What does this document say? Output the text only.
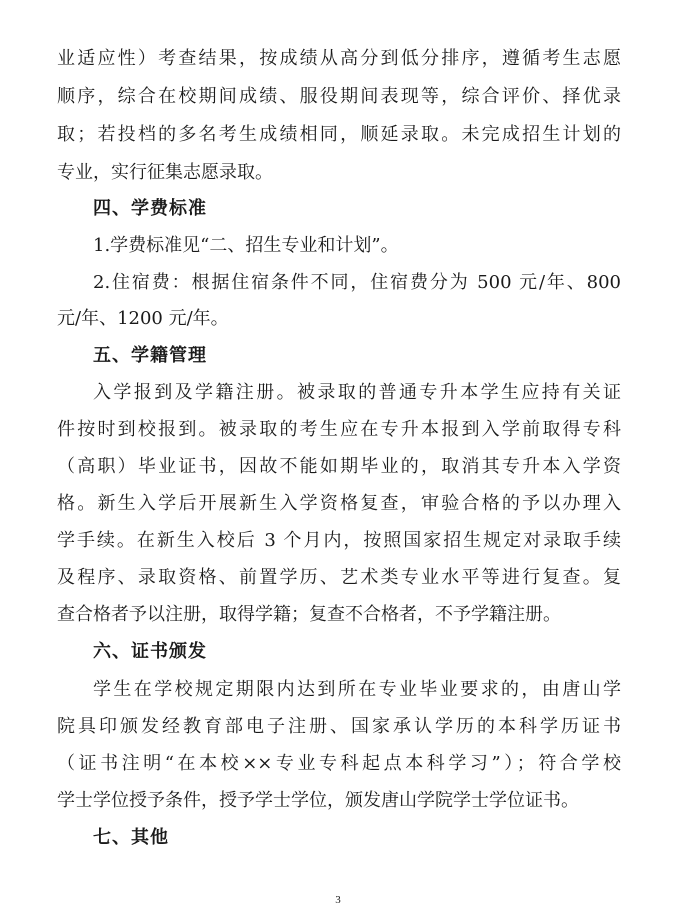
业适应性）考查结果，按成绩从高分到低分排序，遵循考生志愿
顺序，综合在校期间成绩、服役期间表现等，综合评价、择优录
取；若投档的多名考生成绩相同，顺延录取。未完成招生计划的
专业，实行征集志愿录取。
四、学费标准
1.学费标准见“二、招生专业和计划”。
2.住宿费：根据住宿条件不同，住宿费分为 500 元/年、800
元/年、1200 元/年。
五、学籍管理
入学报到及学籍注册。被录取的普通专升本学生应持有关证
件按时到校报到。被录取的考生应在专升本报到入学前取得专科
（高职）毕业证书，因故不能如期毕业的，取消其专升本入学资
格。新生入学后开展新生入学资格复查，审验合格的予以办理入
学手续。在新生入校后 3 个月内，按照国家招生规定对录取手续
及程序、录取资格、前置学历、艺术类专业水平等进行复查。复
查合格者予以注册，取得学籍；复查不合格者，不予学籍注册。
六、证书颁发
学生在学校规定期限内达到所在专业毕业要求的，由唐山学
院具印颁发经教育部电子注册、国家承认学历的本科学历证书
（证书注明“在本校××专业专科起点本科学习”）；符合学校
学士学位授予条件，授予学士学位，颁发唐山学院学士学位证书。
七、其他
3
